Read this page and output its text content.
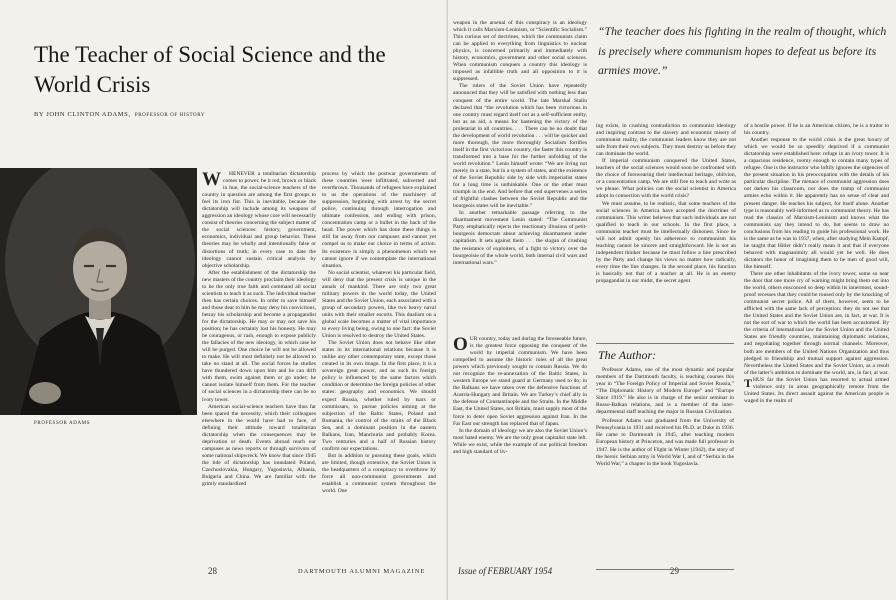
The Teacher of Social Science and the World Crisis
BY JOHN CLINTON ADAMS, PROFESSOR OF HISTORY
PROFESSOR ADAMS

W HENEVER a totalitarian dictatorship comes to power, be it red, brown or black in hue, the social-science teachers of the country in question are among the first groups to feel its iron fist. This is inevitable, because the dictatorship will include among its weapons of aggression an ideology whose core will necessarily consist of theories concerning the subject matter of the social sciences: history, government, economics, individual and group behavior. These theories may be wholly and intentionally false or distortions of truth; in every case to date the ideology cannot sustain critical analysis by objective scholarship.

After the establishment of the dictatorship the new masters of the country proclaim their ideology to be the only true faith and command all social scientists to teach it as such. The individual teacher then has certain choices. In order to save himself and those dear to him he may deny his convictions, betray his scholarship and become a propagandist for the dictatorship. He may or may not save his position; he has certainly lost his honesty. He may be courageous, or rash, enough to expose publicly the fallacies of the new ideology, in which case he will be purged. One choice he will not be allowed to make. He will most definitely not be allowed to take no stand at all. The social forces he studies have thundered down upon him and he can drift with them, swim against them or go under; he cannot isolate himself from them. For the teacher of social sciences in a dictatorship there can be no ivory tower.

American social-science teachers have thus far been spared the necessity, which their colleagues elsewhere in the world have had to face, of defining their attitude toward totalitarian dictatorship when the consequences may be deprivation or death. Events abroad reach our campuses as news reports or through survivors of some national shipwreck. We know that since 1945 the tide of dictatorship has inundated Poland, Czechoslovakia, Hungary, Yugoslavia, Albania, Bulgaria and China. We are familiar with the grimly standardized

process by which the postwar governments of these countries were infiltrated, subverted and overthrown. Thousands of refugees have explained to us the operations of the machinery of suppression, beginning with arrest by the secret police, continuing through interrogation and ultimate confession, and ending with prison, concentration camp or a bullet in the back of the head. The power which has done these things is still far away from our campuses and cannot yet compel us to make our choice in terms of action. Its existence is simply a phenomenon which we cannot ignore if we contemplate the international situation.

No social scientist, whatever his particular field, will deny that the present crisis is unique in the annals of mankind. There are only two great military powers in the world today, the United States and the Soviet Union, each associated with a group of secondary powers, like two heavy naval units with their smaller escorts. This dualism on a global scale becomes a matter of vital importance to every living being, owing to one fact: the Soviet Union is resolved to destroy the United States.

The Soviet Union does not behave like other states in its international relations because it is unlike any other contemporary state, except those created in its own image. In the first place, it is a sovereign great power, and as such its foreign policy is influenced by the same factors which condition or determine the foreign policies of other states: geography and economics. We should expect Russia, whether ruled by tsars or commissars, to pursue policies aiming at the subjection of the Baltic States, Poland and Rumania, the control of the straits of the Black Sea, and a dominant position in the eastern Balkans, Iran, Manchuria and probably Korea. Two centuries and a half of Russian history confirm our expectations.

But in addition to pursuing these goals, which are limited, though extensive, the Soviet Union is the headquarters of a conspiracy to overthrow by force all non-communist governments and establish a communist system throughout the world. One

28	DARTMOUTH ALUMNI MAGAZINE

weapon in the arsenal of this conspiracy is an ideology which it calls Marxism-Leninism, or “Scientific Socialism.” This curious set of doctrines, which the communists claim can be applied to everything from linguistics to nuclear physics, is concerned primarily and immediately with history, economics, government and other social sciences. When communism conquers a country this ideology is imposed as infallible truth and all opposition to it is suppressed.

The rulers of the Soviet Union have repeatedly announced that they will be satisfied with nothing less than conquest of the entire world. The late Marshal Stalin declared that “the revolution which has been victorious in one country must regard itself not as a self-sufficient entity, but as an aid, a means for hastening the victory of the proletariat in all countries. . . . There can be no doubt that the development of world revolution . . . will be quicker and more thorough, the more thoroughly Socialism fortifies itself in the first victorious country, the faster this country is transformed into a base for the further unfolding of the world revolution.” Lenin himself wrote: “We are living not merely in a state, but in a system of states, and the existence of the Soviet Republic side by side with imperialist states for a long time is unthinkable. One or the other must triumph in the end. And before that end supervenes a series of frightful clashes between the Soviet Republic and the bourgeois states will be inevitable.”

In another remarkable passage referring to the disarmament movement Lenin stated: “The Communist Party emphatically rejects the reactionary illusions of petit-bourgeois democrats about achieving disarmament under capitalism. It sets against them . . . the slogan of crushing the resistance of exploiters, of a fight to victory over the bourgeoisie of the whole world, both internal civil wars and international wars.”

OUR country, today and during the foreseeable future, is the greatest force opposing the conquest of the world by imperial communism. We have been compelled to assume the historic roles of all the great powers which previously sought to contain Russia. We do not recognize the re-annexation of the Baltic States, in western Europe we stand guard at Germany used to do; in the Balkans we have taken over the defensive functions of Austria-Hungary and Britain. We are Turkey’s chief ally in the defense of Constantinople and the Straits. In the Middle East, the United States, not Britain, must supply most of the force to deter open Soviet aggression against Iran. In the Far East our strength has replaced that of Japan.

In the domain of ideology we are also the Soviet Union’s most hated enemy. We are the only great capitalist state left. While we exist, while the example of our political freedom and high standard of liv-

ing exists, in crushing contradiction to communist ideology and inspiring contrast to the slavery and economic misery of communist reality, the communist leaders know they are not safe from their own subjects. They must destroy us before they can dominate the world.

If imperial communism conquered the United States, teachers of the social sciences would soon be confronted with the choice of forswearing their intellectual heritage, oblivion, or a concentration camp. We are still free to teach and write as we please. What policies can the social scientist in America adopt in connection with the world crisis?

We must assume, to be realistic, that some teachers of the social sciences in America have accepted the doctrines of communism. This writer believes that such individuals are not qualified to teach in our schools. In the first place, a communist teacher must be intellectually dishonest. Since he will not admit openly his adherence to communism his teaching cannot be sincere and straightforward. He is not an independent thinker because he must follow a line prescribed by the Party and change his views no matter how radically, every time the line changes. In the second place, his function is basically not that of a teacher at all. He is an enemy propagandist in our midst, the secret agent

of a hostile power. If he is an American citizen, he is a traitor to his country.

Another response to the world crisis is the great luxury of which we would be so speedily deprived if a communist dictatorship were established here: refuge in an ivory tower. It is a capacious residence, roomy enough to contain many types of refugee. One is the instructor who loftily ignores the urgencies of the present situation in his preoccupation with the details of his particular discipline. The menace of communist aggression does not darken his classroom, nor does the tramp of communist armies echo within it. He apparently has no sense of clear and present danger. He teaches his subject, for itself alone. Another type is reasonably well-informed as to communist theory. He has read the classics of Marxism-Leninism and knows what the communists say they intend to do, but seems to draw no conclusions from his reading to guide his professional work. He is the same as he was in 1937, when, after studying Mein Kampf, he taught that Hitler didn’t really mean it and that if everyone behaved with magnanimity all would yet be well. He does dictators the honor of imagining them to be men of good will, like himself.

There are other inhabitants of the ivory tower, some so near the door that one more cry of warning might bring them out into the world, others ensconced so deep within its innermost, sound-proof recesses that they could be roused only by the knocking of communist secret police. All of them, however, seem to be afflicted with the same lack of perception: they do not see that the United States and the Soviet Union are, in fact, at war. It is not the sort of war to which the world has been accustomed. By the criteria of international law the Soviet Union and the United States are friendly countries, maintaining diplomatic relations, and negotiating together through normal channels. Moreover, both are members of the United Nations Organization and thus pledged to friendship and mutual support against aggression. Nevertheless the United States and the Soviet Union, as a result of the latter’s ambition to dominate the world, are, in fact, at war.

THUS far the Soviet Union has resorted to actual armed violence only in areas geographically remote from the United States. Its direct assault against the American people is waged in the realm of

Issue of FEBRUARY 1954	29
“The teacher does his fighting in the realm of thought, which is precisely where communism hopes to defeat us before its armies move.”
The Author:

Professor Adams, one of the most dynamic and popular members of the Dartmouth faculty, is teaching courses this year in “The Foreign Policy of Imperial and Soviet Russia,” “The Diplomatic History of Modern Europe” and “Europe Since 1919.” He also is in charge of the senior seminar in Russo-Balkan relations, and is a member of the inter-departmental staff teaching the major in Russian Civilization.

Professor Adams was graduated from the University of Pennsylvania in 1931 and received his Ph.D. at Duke in 1936. He came to Dartmouth in 1945, after teaching modern European history at Princeton, and was made full professor in 1947. He is the author of Flight in Winter (1942), the story of the heroic Serbian army in World War I, and of “Serbia in the World War,” a chapter in the book Yugoslavia.
